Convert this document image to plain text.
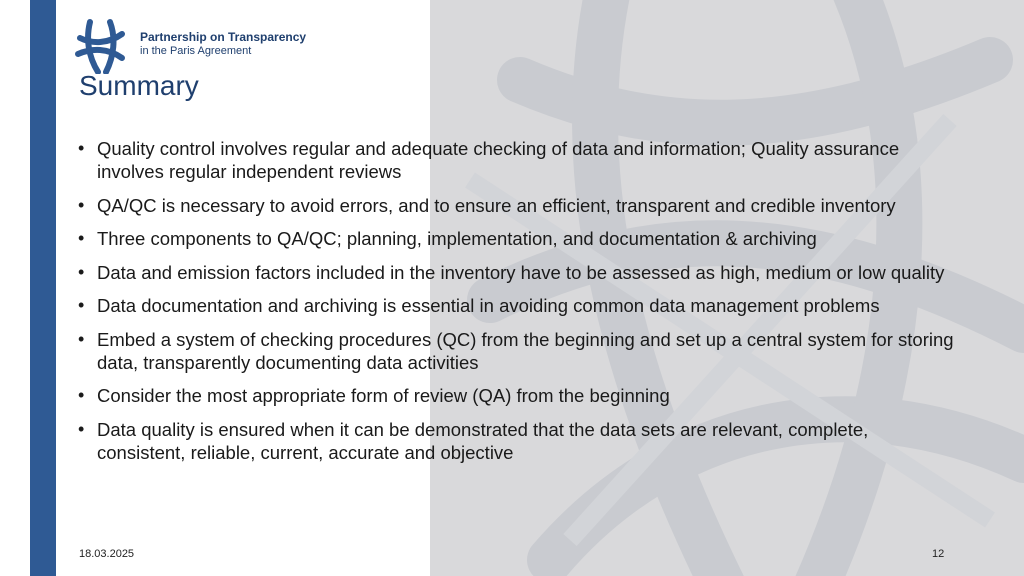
Partnership on Transparency
in the Paris Agreement
Summary
• Quality control involves regular and adequate checking of data and information; Quality assurance involves regular independent reviews
• QA/QC is necessary to avoid errors, and to ensure an efficient, transparent and credible inventory
• Three components to QA/QC; planning, implementation, and documentation & archiving
• Data and emission factors included in the inventory have to be assessed as high, medium or low quality
• Data documentation and archiving is essential in avoiding common data management problems
• Embed a system of checking procedures (QC) from the beginning and set up a central system for storing data, transparently documenting data activities
• Consider the most appropriate form of review (QA) from the beginning
• Data quality is ensured when it can be demonstrated that the data sets are relevant, complete, consistent, reliable, current, accurate and objective
18.03.2025	12
